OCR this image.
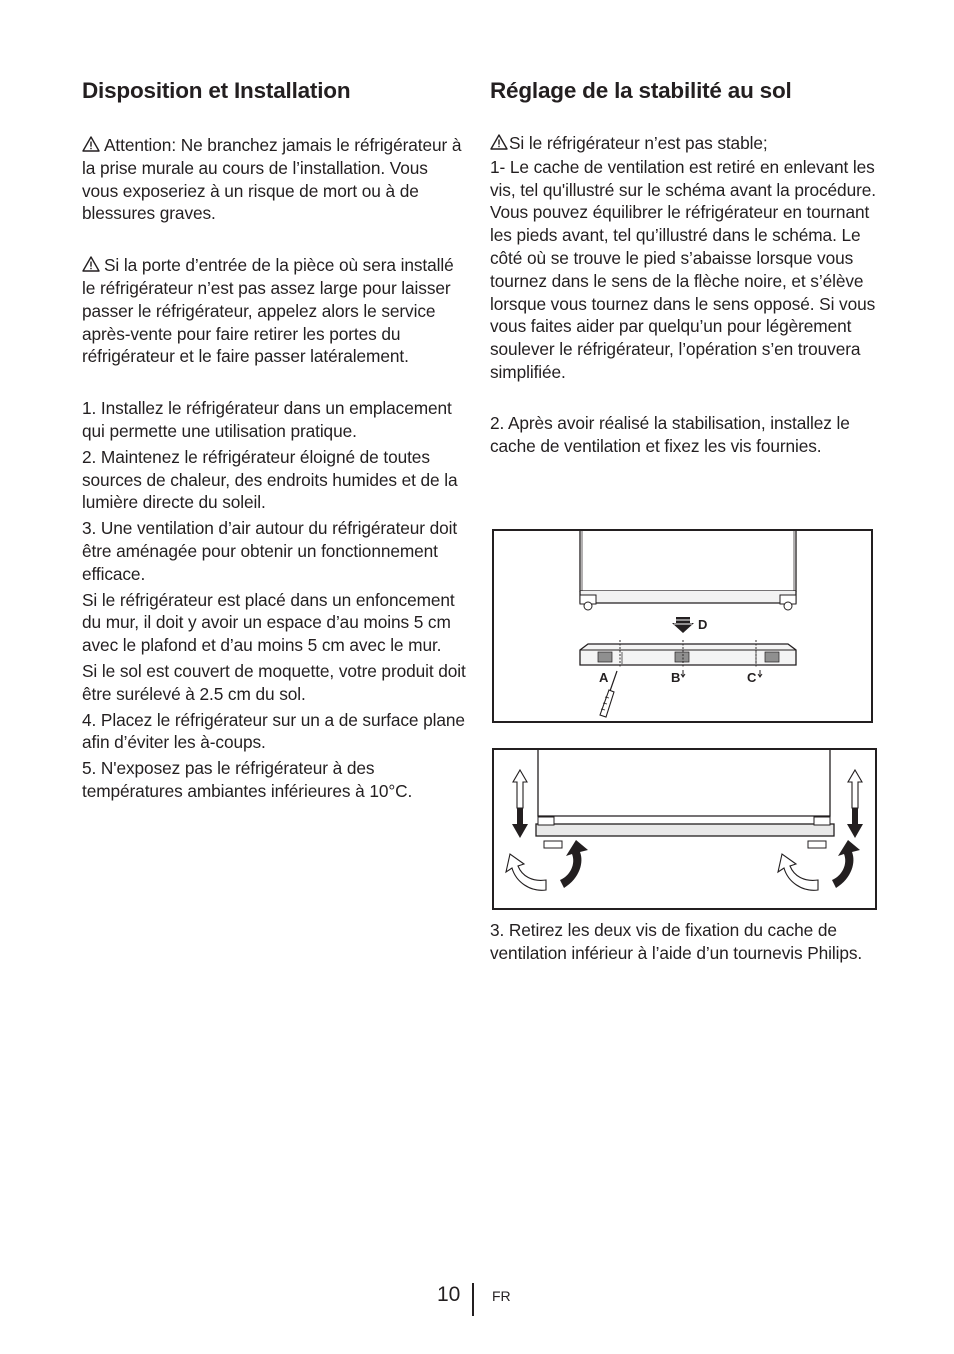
Disposition et Installation

Attention: Ne branchez jamais le réfrigérateur à la prise murale au cours de l’installation. Vous vous exposeriez à un risque de mort ou à de blessures graves.

Si la porte d’entrée de la pièce où sera installé le réfrigérateur n’est pas assez large pour laisser passer le réfrigérateur, appelez alors le service après-vente pour faire retirer les portes du réfrigérateur et le faire passer latéralement.

1. Installez le réfrigérateur dans un emplacement qui permette une utilisation pratique.

2. Maintenez le réfrigérateur éloigné de toutes sources de chaleur, des endroits humides et de la lumière directe du soleil.

3. Une ventilation d’air autour du réfrigérateur doit être aménagée pour obtenir un fonctionnement efficace.

Si le réfrigérateur est placé dans un enfoncement du mur, il doit y avoir un espace d’au moins 5 cm avec le plafond et d’au moins 5 cm avec le mur.

Si le sol est couvert de moquette, votre produit doit être surélevé à 2.5 cm du sol.

4. Placez le réfrigérateur sur un a de surface plane afin d’éviter les à-coups.

5. N'exposez pas le réfrigérateur à des températures ambiantes inférieures à 10°C.

Réglage de la stabilité au sol

Si le réfrigérateur n’est pas stable;

1- Le cache de ventilation est retiré en enlevant les vis, tel qu'illustré sur le schéma avant la procédure. Vous pouvez équilibrer le réfrigérateur en tournant les pieds avant, tel qu’illustré dans le schéma. Le côté où se trouve le pied s’abaisse lorsque vous tournez dans le sens de la flèche noire, et s’élève lorsque vous tournez dans le sens opposé. Si vous vous faites aider par quelqu’un pour légèrement soulever le réfrigérateur, l’opération s’en trouvera simplifiée.

2. Après avoir réalisé la stabilisation, installez le cache de ventilation et fixez les vis fournies.

D
A	B	C

3. Retirez les deux vis de fixation du cache de ventilation inférieur à l’aide d’un tournevis Philips.

10 FR
